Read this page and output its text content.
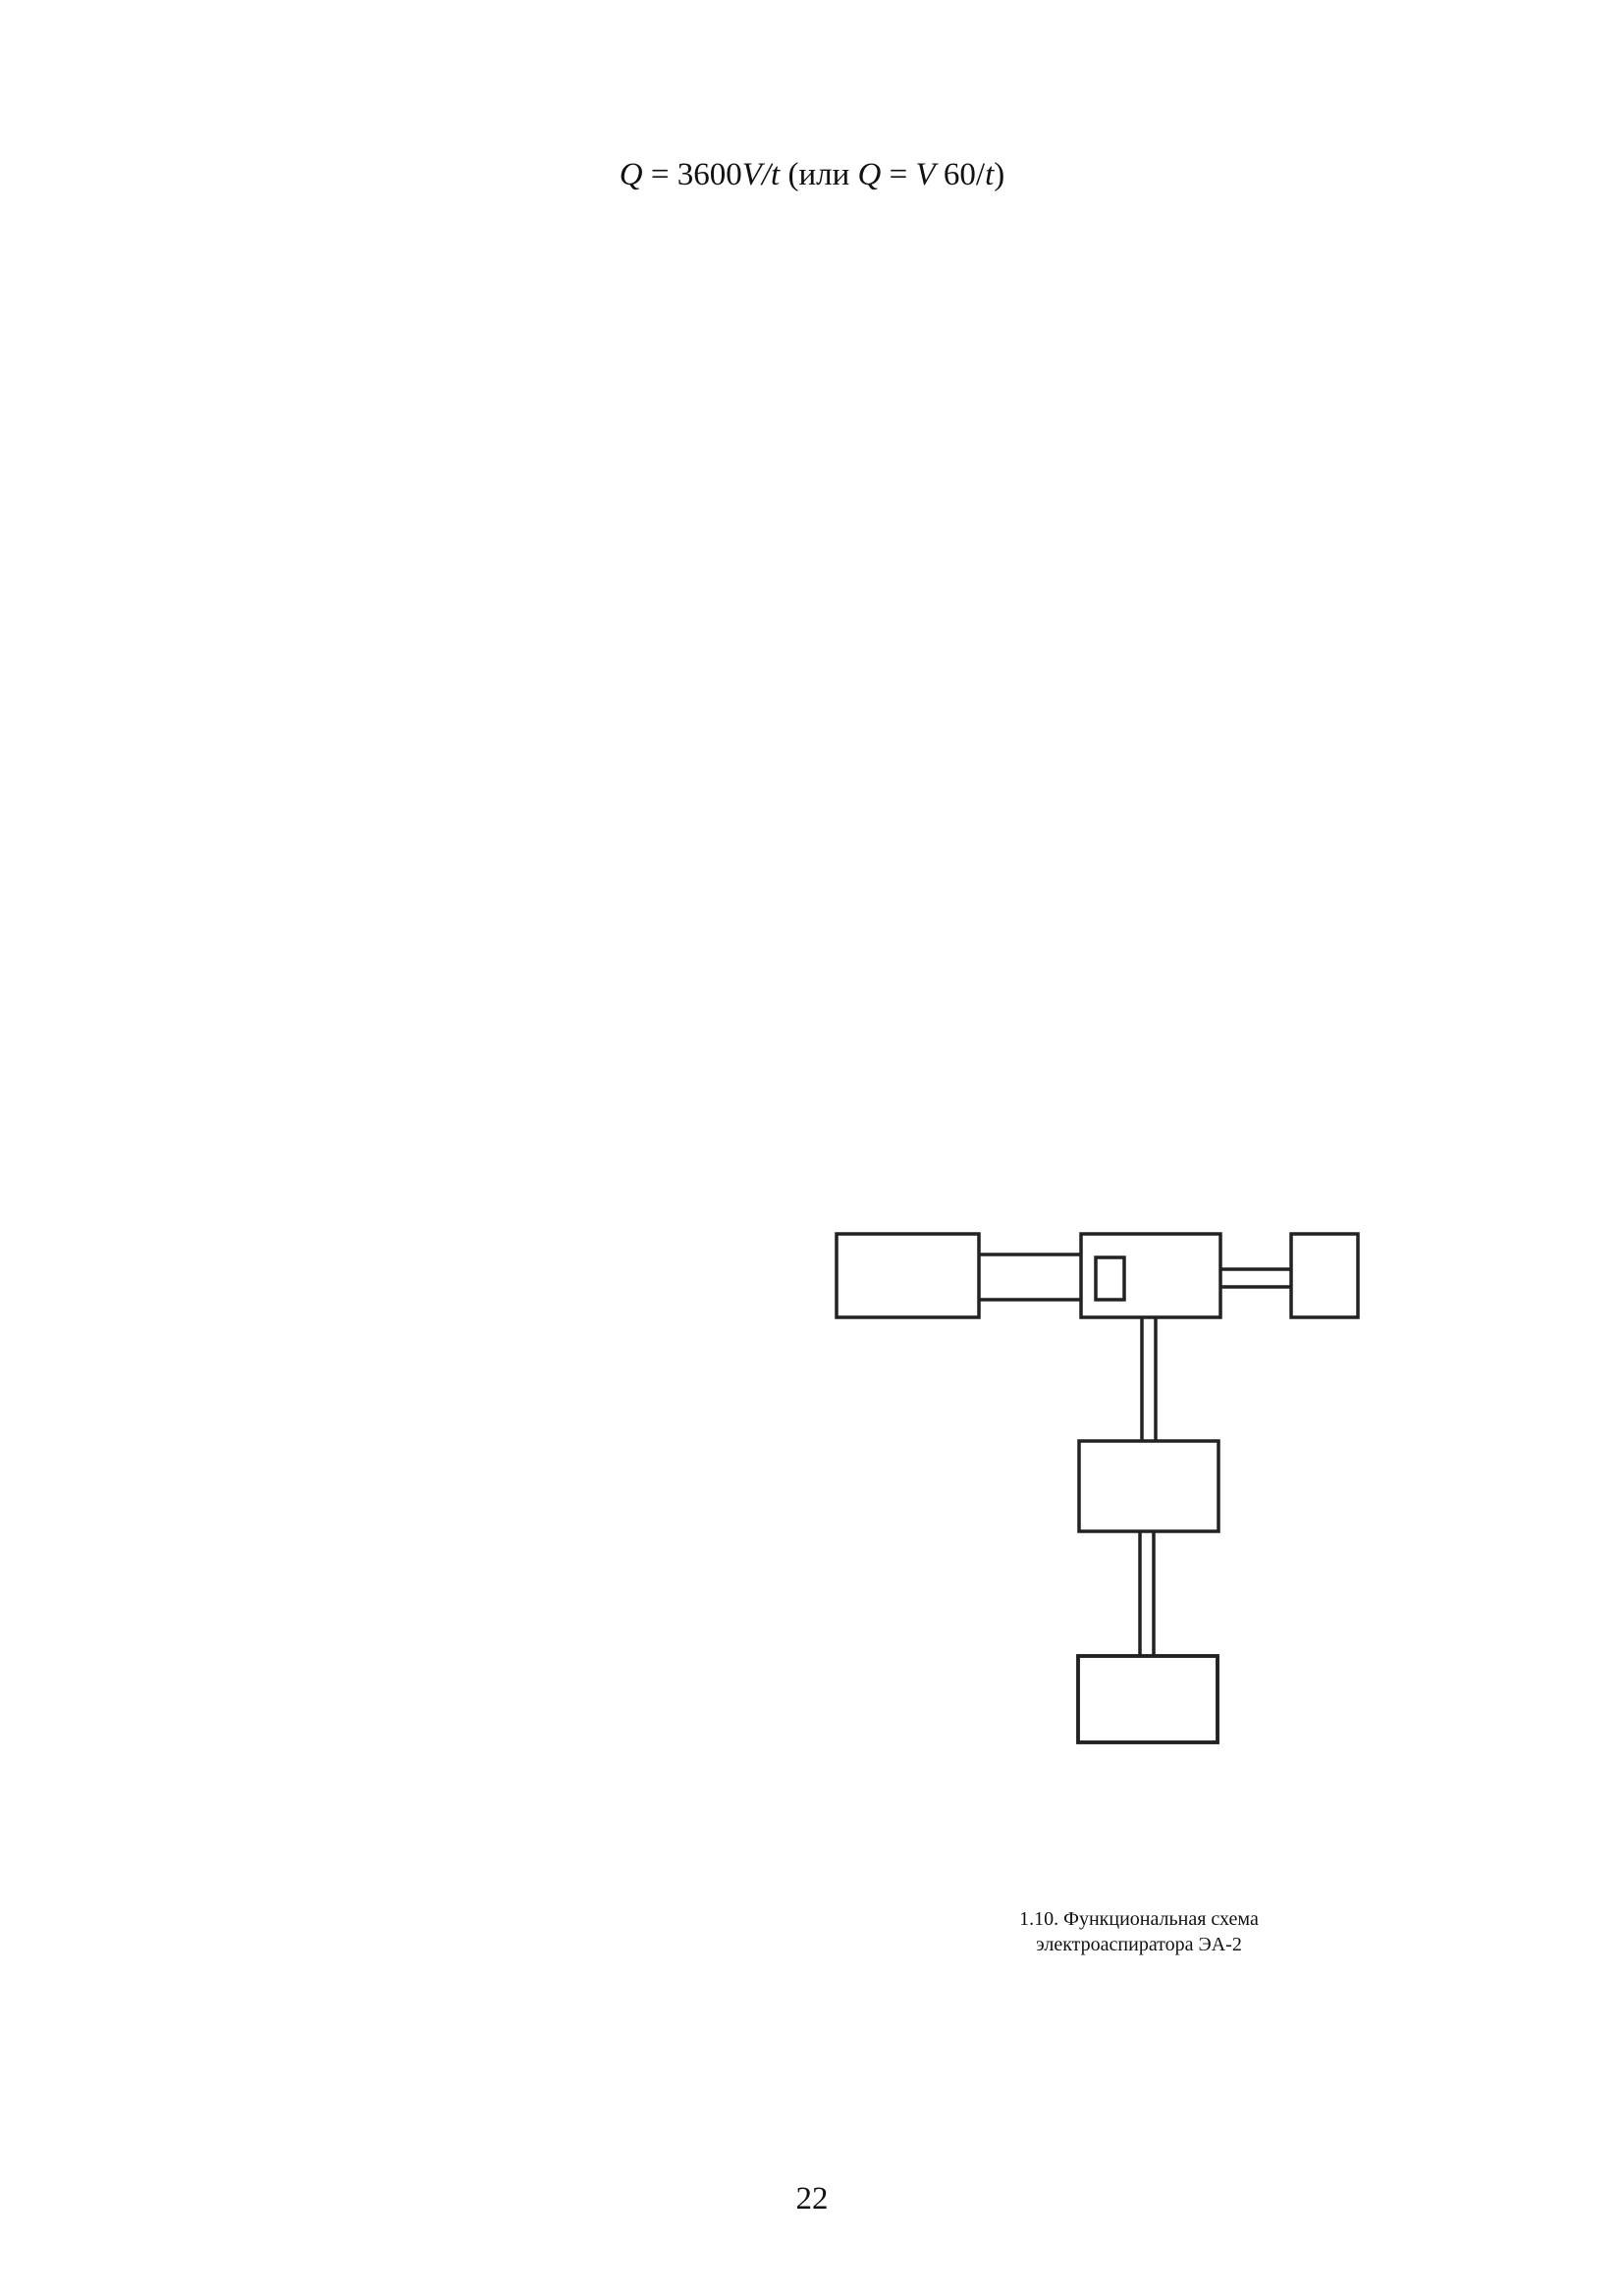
Q = 3600V/t (или Q = V 60/t)
1.10. Функциональная схема
электроаспиратора ЭА-2
22
